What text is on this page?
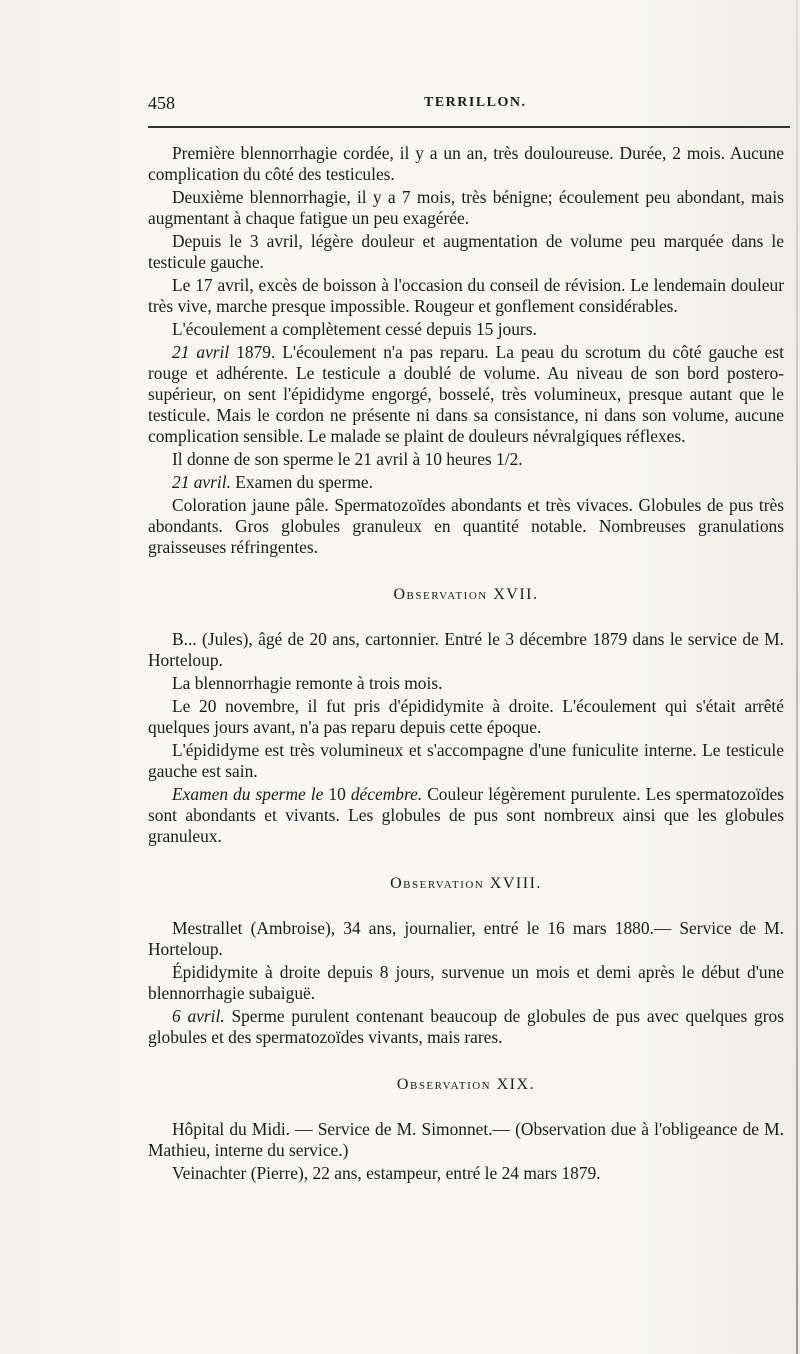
458	TERRILLON.

Première blennorrhagie cordée, il y a un an, très douloureuse. Durée, 2 mois. Aucune complication du côté des testicules.

Deuxième blennorrhagie, il y a 7 mois, très bénigne; écoulement peu abondant, mais augmentant à chaque fatigue un peu exagérée.

Depuis le 3 avril, légère douleur et augmentation de volume peu marquée dans le testicule gauche.

Le 17 avril, excès de boisson à l'occasion du conseil de révision. Le lendemain douleur très vive, marche presque impossible. Rougeur et gonflement considérables.

L'écoulement a complètement cessé depuis 15 jours.

21 avril 1879. L'écoulement n'a pas reparu. La peau du scrotum du côté gauche est rouge et adhérente. Le testicule a doublé de volume. Au niveau de son bord postero-supérieur, on sent l'épididyme engorgé, bosselé, très volumineux, presque autant que le testicule. Mais le cordon ne présente ni dans sa consistance, ni dans son volume, aucune complication sensible. Le malade se plaint de douleurs névralgiques réflexes.

Il donne de son sperme le 21 avril à 10 heures 1/2.

21 avril. Examen du sperme.

Coloration jaune pâle. Spermatozoïdes abondants et très vivaces. Globules de pus très abondants. Gros globules granuleux en quantité notable. Nombreuses granulations graisseuses réfringentes.

Observation XVII.

B... (Jules), âgé de 20 ans, cartonnier. Entré le 3 décembre 1879 dans le service de M. Horteloup.

La blennorrhagie remonte à trois mois.

Le 20 novembre, il fut pris d'épididymite à droite. L'écoulement qui s'était arrêté quelques jours avant, n'a pas reparu depuis cette époque.

L'épididyme est très volumineux et s'accompagne d'une funiculite interne. Le testicule gauche est sain.

Examen du sperme le 10 décembre. Couleur légèrement purulente. Les spermatozoïdes sont abondants et vivants. Les globules de pus sont nombreux ainsi que les globules granuleux.

Observation XVIII.

Mestrallet (Ambroise), 34 ans, journalier, entré le 16 mars 1880.— Service de M. Horteloup.

Épididymite à droite depuis 8 jours, survenue un mois et demi après le début d'une blennorrhagie subaiguë.

6 avril. Sperme purulent contenant beaucoup de globules de pus avec quelques gros globules et des spermatozoïdes vivants, mais rares.

Observation XIX.

Hôpital du Midi. — Service de M. Simonnet.— (Observation due à l'obligeance de M. Mathieu, interne du service.)

Veinachter (Pierre), 22 ans, estampeur, entré le 24 mars 1879.
